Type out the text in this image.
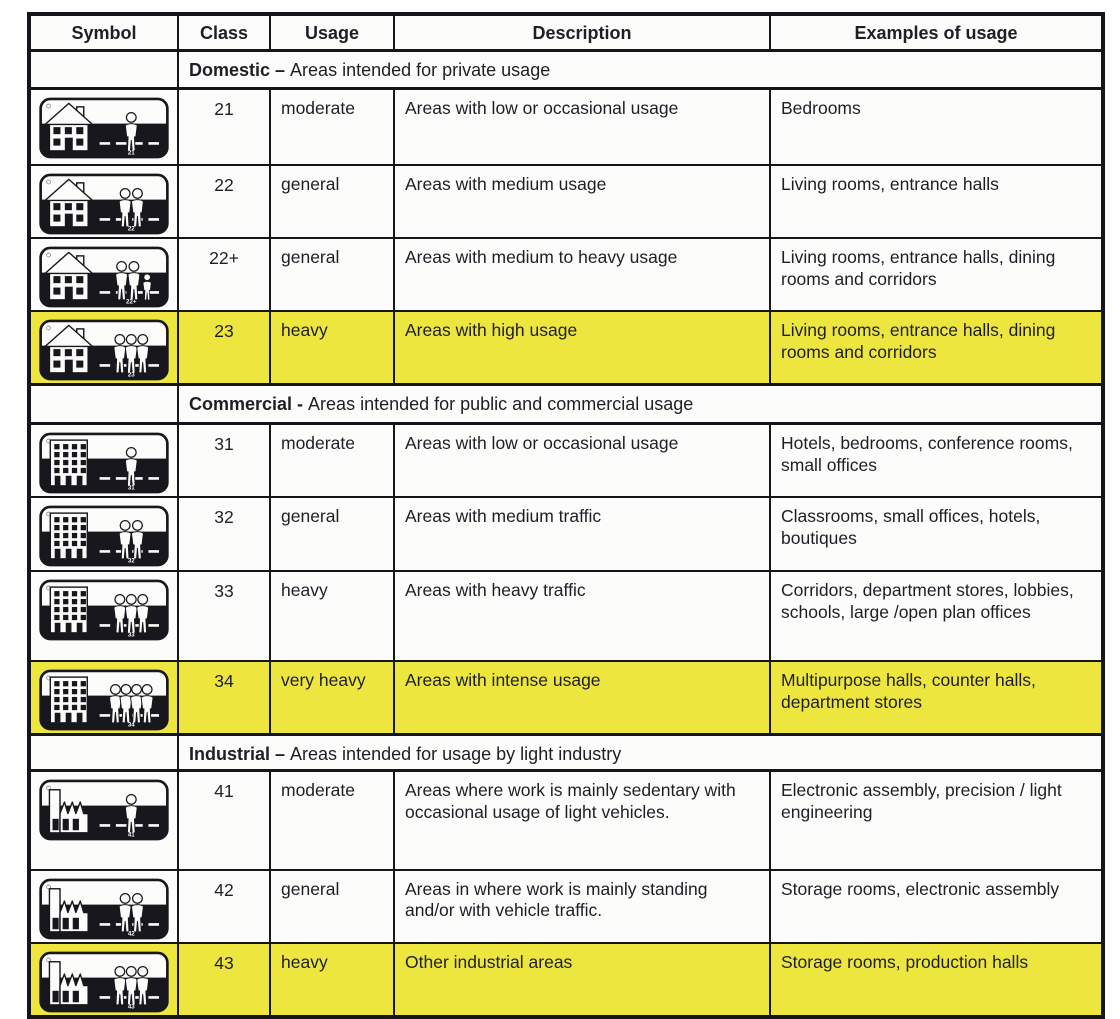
Symbol	Class	Usage	Description	Examples of usage
	Domestic – Areas intended for private usage			

21	21	moderate	Areas with low or occasional usage	Bedrooms

22	22	general	Areas with medium usage	Living rooms, entrance halls

22+	22+	general	Areas with medium to heavy usage	Living rooms, entrance halls, dining rooms and corridors

23	23	heavy	Areas with high usage	Living rooms, entrance halls, dining rooms and corridors
	Commercial - Areas intended for public and commercial usage			

31	31	moderate	Areas with low or occasional usage	Hotels, bedrooms, conference rooms, small offices

32	32	general	Areas with medium traffic	Classrooms, small offices, hotels, boutiques

33	33	heavy	Areas with heavy traffic	Corridors, department stores, lobbies, schools, large /open plan offices

34	34	very heavy	Areas with intense usage	Multipurpose halls, counter halls, department stores
	Industrial – Areas intended for usage by light industry			

41	41	moderate	Areas where work is mainly sedentary with occasional usage of light vehicles.	Electronic assembly, precision / light engineering

42	42	general	Areas in where work is mainly standing and/or with vehicle traffic.	Storage rooms, electronic assembly

43	43	heavy	Other industrial areas	Storage rooms, production halls
